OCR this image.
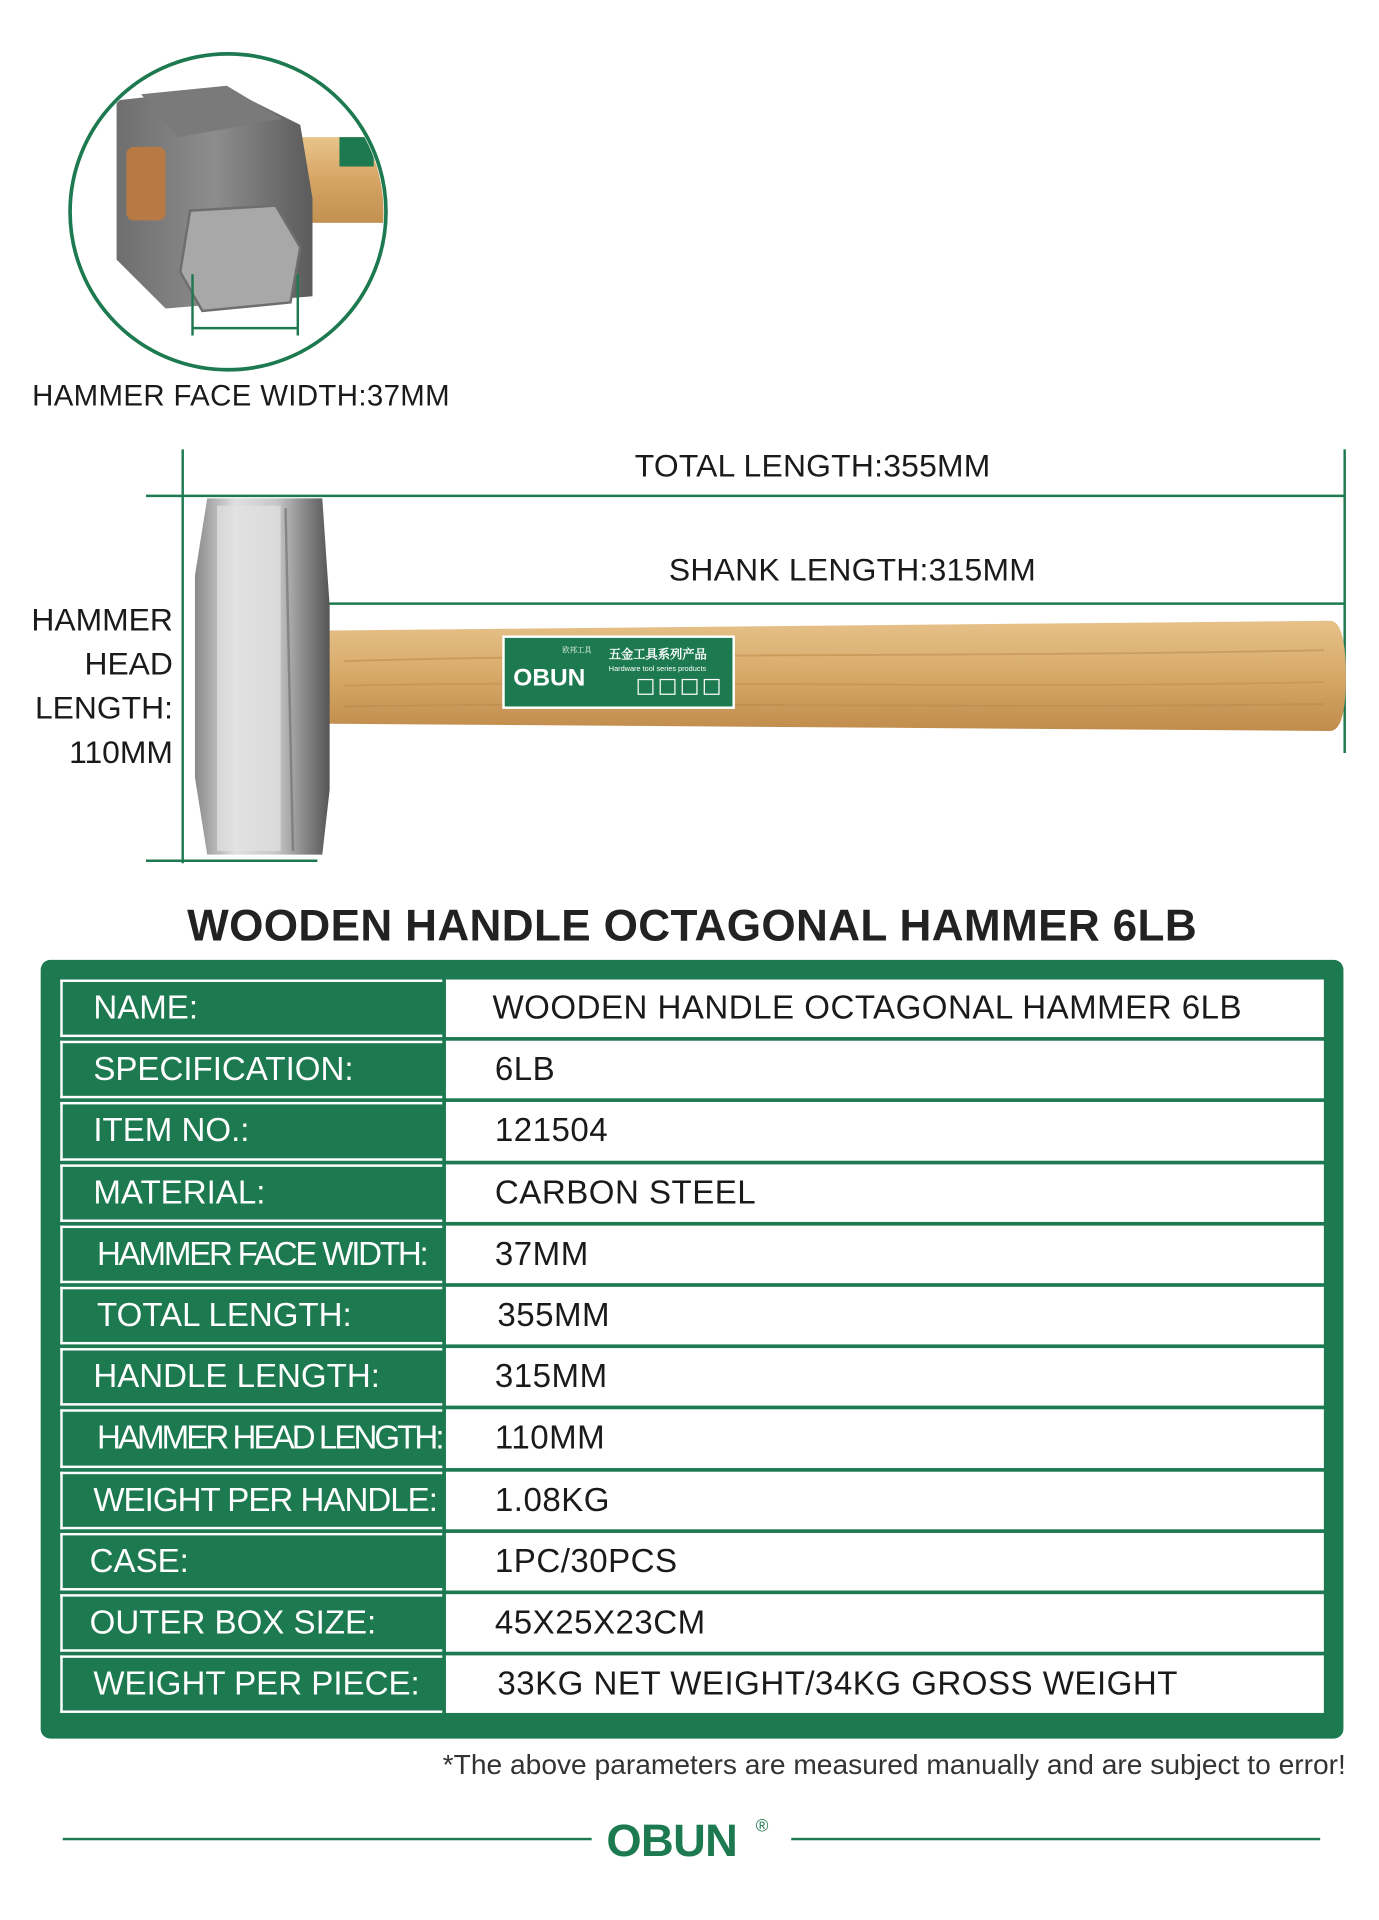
HAMMER FACE WIDTH:37MM
OBUN
欧邦工具 五金工具系列产品
Hardware tool series products
TOTAL LENGTH:355MM
SHANK LENGTH:315MM
HAMMER
HEAD
LENGTH:
110MM
WOODEN HANDLE OCTAGONAL HAMMER 6LB
NAME:	WOODEN HANDLE OCTAGONAL HAMMER 6LB
SPECIFICATION:	6LB
ITEM NO.:	121504
MATERIAL:	CARBON STEEL
HAMMER FACE WIDTH:	37MM
TOTAL LENGTH:	355MM
HANDLE LENGTH:	315MM
HAMMER HEAD LENGTH:	110MM
WEIGHT PER HANDLE:	1.08KG
CASE:	1PC/30PCS
OUTER BOX SIZE:	45X25X23CM
WEIGHT PER PIECE:	33KG NET WEIGHT/34KG GROSS WEIGHT
*The above parameters are measured manually and are subject to error!
OBUN ®
